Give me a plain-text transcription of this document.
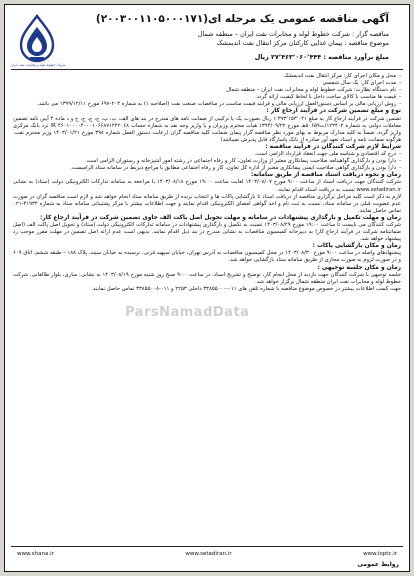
شرکت خطوط لوله و مخابرات نفت ایران
آگهی مناقصه عمومی یک مرحله ای(۲۰۰۳۰۰۱۱۰۵۰۰۰۱۷۱)
مناقصه گزار : شرکت خطوط لوله و مخابرات نفت ایران – منطقه شمال
موضوع مناقصه : پیمان غذایی کارکنان مرکز انتقال نفت اندیمشک
مبلغ برآورد مناقصه : ۲۷٬۴۶۳٬۰۶۰٬۴۴۴ ریال

- محل و مکان اجرای کار: مرکز انتقال نفت اندیمشک

- مدت اجرای کار: یک سال شمسی

- نام دستگاه نظارت: شرکت خطوط لوله و مخابرات نفت ایران – منطقه شمال

- قیمت ها مناسب با کالای ساخت داخل با لحاظ کیفیت ارائه گردد.

- روش ارزیابی مالی بر اساس دستورالعمل ارزیابی مالی و فرایند قیمت مناسب در مناقصات صنعت نفت (اصلاحیه ۱) به شماره ۲۰۳-۶۹۷ مورخ ۱۳۹۹/۱۲/۱۱ می باشد.

نوع و مبلغ تضمین شرکت در فرآیند ارجاع کار :

تضمین شرکت در فرآیند ارجاع کار به مبلغ ۱٬۳۷۳٬۱۵۳٬۰۲۱ ریال بصورت یک یا ترکیبی از ضمانت نامه های مندرج در بند های الف، ب، پ، ج، چ، ح، خ و د ماده ۴ آیین نامه تضمین معاملات دولتی به شماره ۱۲۳۴۰۲/ت۵۰۶۵۹هـ مورخ ۱۳۹۴/۰۹/۲۲ هیات محترم وزیران و یا واریز وجه نقد به شماره حساب ۴۶۰۱۰۰۰۰۴۰۰۰۱۰۶۶۸۷۱۲۴۲۰۶۸ IR نزد بانک مرکزی واریز گردد. ضمناً به کلیه مدارک مربوط به بهای مورد نظر مناقصه گزار پیمان ضمانت کلیه مناقصه گران (رعایت دستور العمل شماره ۳۹۸ مورخ ۱۴۰۳/۰۱/۲۱ وزیر محترم نفت. هرگونه ضمانت نامه و اسناد تعهد آور صادره از بانک پاسارگاد قابل پذیرش نمیباشد)

شرایط لازم شرکت کنندگان در فرآیند مناقصه :

- درج کد اقتصادی و شناسه ملی جهت انعقاد قرارداد الزامی است.

- دارا بودن و بارگذاری گواهینامه صلاحیت پیمانکاری معتبر از وزارت تعاون، کار و رفاه اجتماعی در رشته امور آشپزخانه و رستوران الزامی است.

- دارا بودن و بارگذاری گواهی صلاحیت ایمنی پیمانکاری معتبر از اداره کل تعاون، کار و رفاه اجتماعی مطابق با مراجع ذیربط در سامانه ستاد الزامیست.

زمان و نحوه دریافت اسناد مناقصه از طریق سامانه:

شرکت کنندگان جهت دریافت اسناد از ساعت ۹:۰۰ مورخ ۱۴۰۳/۰۸/۰۷ لغایت ساعت ۱۹:۰۰ مورخ ۱۴۰۳/۰۸/۱۸ با مراجعه به سامانه تدارکات الکترونیکی دولت (ستاد) به نشانی www.setadiran.ir نسبت به دریافت اسناد اقدام نمایند.

لازم به ذکر است کلیه مراحل برگزاری مناقصه از دریافت اسناد تا بازگشایی پاکات ها و انتخاب برنده از طریق سامانه ستاد انجام خواهد شد و لازم است مناقصه گران در صورت عدم عضویت قبلی در سامانه ستاد، نسبت به ثبت نام و اخذ گواهی امضای الکترونیکی اقدام نمایند و جهت اطلاعات بیشتر با مرکز پشتیبانی سامانه ستاد به شماره ۴۱۹۳۴-۰۲۱ تماس حاصل نمایند.

زمان و مهلت تکمیل و بارگذاری پیشنهادات در سامانه و مهلت تحویل اصل پاکت الف حاوی تضمین شرکت در فرآیند ارجاع کار:

شرکت کنندگان می بایست تا ساعت ۱۹:۰۰ مورخ ۱۴۰۳/۰۸/۲۹ نسبت به تکمیل و بارگذاری پیشنهادات در سامانه تدارکات الکترونیکی دولت (ستاد) و تحویل اصل پاکت الف (اصل ضمانتنامه شرکت در فرآیند ارجاع کار) به دبیرخانه کمیسیون مناقصات به نشانی مندرج در بند ذیل اقدام نمایند. بدیهی است عدم ارائه اصل تضمین در مهلت مقرر موجب رد پیشنهاد خواهد شد.

زمان و مکان بازگشایی پاکات :

پیشنهادهای واصله در ساعت ۹:۰۰ مورخ ۱۴۰۳/۰۸/۳۰ در محل کمیسیون مناقصات به آدرس تهران، خیابان سپهبد قرنی، نرسیده به خیابان سیند، پلاک ۱۸۸ – طبقه ششم، اتاق ۶۰۹ و در صورت لزوم به صورت مجازی از طریق سامانه ستاد بازگشایی خواهد شد.

زمان و مکان جلسه توجیهی :

جلسه توجیهی با شرکت کنندگان جهت بازدید از محل انجام کار، توضیح و تشریح اسناد، در ساعت ۹:۰۰ صبح روز شنبه مورخ ۱۴۰۳/۰۸/۱۹ به نشانی: ساری، بلوار طالقانی، شرکت خطوط لوله و مخابرات نفت ایران منطقه شمال برگزار خواهد شد.

جهت کسب اطلاعات بیشتر در خصوص موضوع مناقصه با شماره تلفن های ۰۱۱-۳۳۸۵۵۰۰۰ داخلی ۲۲۵۳ و ۰۱۱-۳۳۸۵۵۰۰۸ تماس حاصل نمایند.

ParsNamadData
www.shana.ir	www.setadiran.ir	www.ioptc.ir
روابط عمومی
